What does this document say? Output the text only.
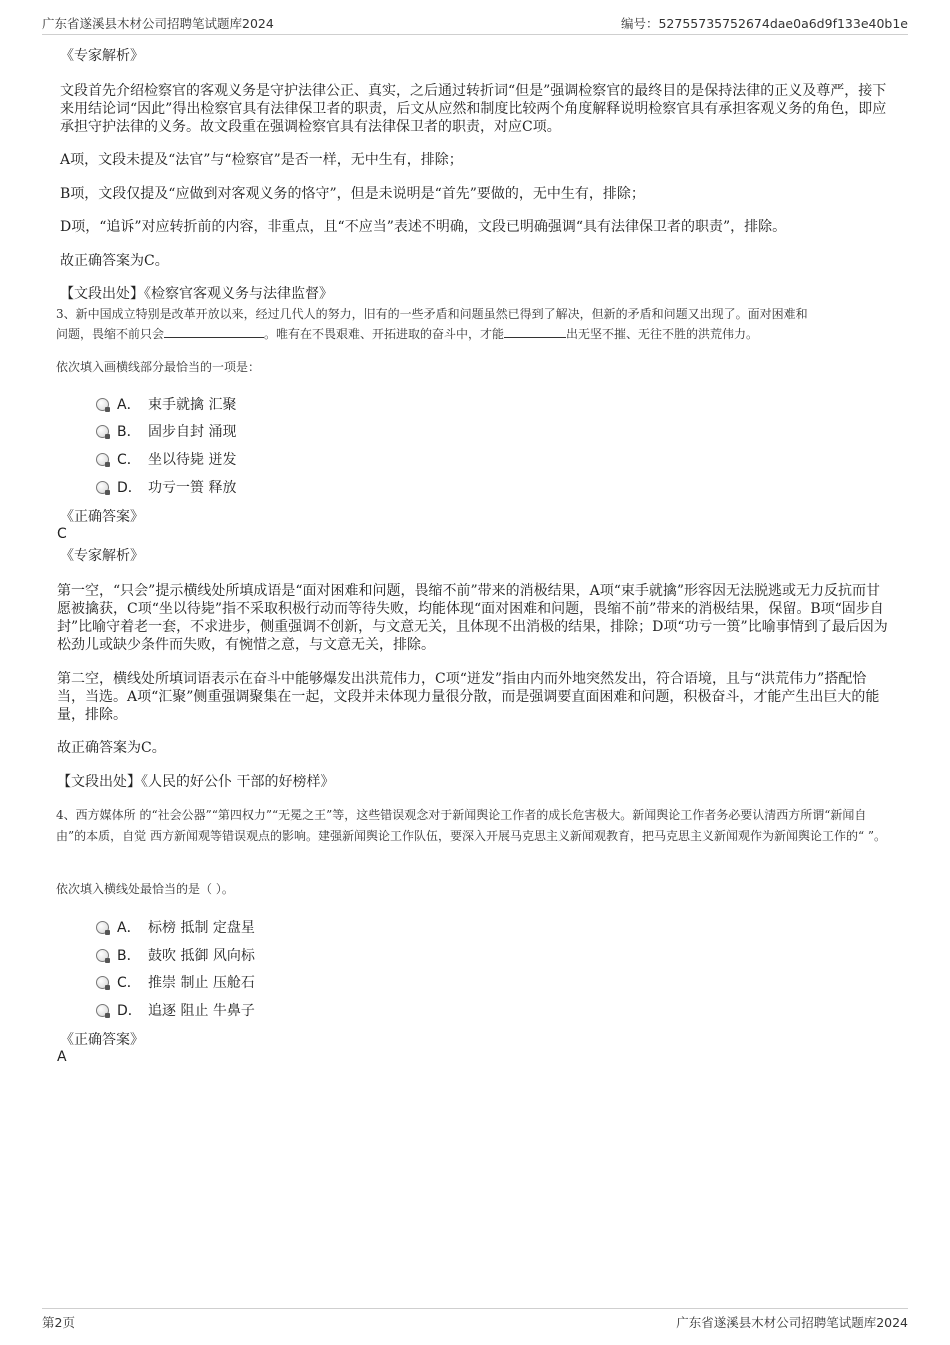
广东省遂溪县木材公司招聘笔试题库2024	编号：52755735752674dae0a6d9f133e40b1e
《专家解析》
文段首先介绍检察官的客观义务是守护法律公正、真实，之后通过转折词“但是”强调检察官的最终目的是保持法律的正义及尊严，接下来用结论词“因此”得出检察官具有法律保卫者的职责，后文从应然和制度比较两个角度解释说明检察官具有承担客观义务的角色，即应承担守护法律的义务。故文段重在强调检察官具有法律保卫者的职责，对应C项。
A项，文段未提及“法官”与“检察官”是否一样，无中生有，排除；
B项，文段仅提及“应做到对客观义务的恪守”，但是未说明是“首先”要做的，无中生有，排除；
D项，“追诉”对应转折前的内容，非重点，且“不应当”表述不明确，文段已明确强调“具有法律保卫者的职责”，排除。
故正确答案为C。
【文段出处】《检察官客观义务与法律监督》
3、新中国成立特别是改革开放以来，经过几代人的努力，旧有的一些矛盾和问题虽然已得到了解决，但新的矛盾和问题又出现了。面对困难和
问题，畏缩不前只会	。唯有在不畏艰难、开拓进取的奋斗中，才能	出无坚不摧、无往不胜的洪荒伟力。
依次填入画横线部分最恰当的一项是：
A． 束手就擒 汇聚
B． 固步自封 涌现
C． 坐以待毙 迸发
D． 功亏一篑 释放
《正确答案》
C
《专家解析》
第一空，“只会”提示横线处所填成语是“面对困难和问题，畏缩不前”带来的消极结果，A项“束手就擒”形容因无法脱逃或无力反抗而甘愿被擒获，C项“坐以待毙”指不采取积极行动而等待失败，均能体现“面对困难和问题，畏缩不前”带来的消极结果，保留。B项“固步自封”比喻守着老一套，不求进步，侧重强调不创新，与文意无关，且体现不出消极的结果，排除；D项“功亏一篑”比喻事情到了最后因为松劲儿或缺少条件而失败，有惋惜之意，与文意无关，排除。
第二空，横线处所填词语表示在奋斗中能够爆发出洪荒伟力，C项“迸发”指由内而外地突然发出，符合语境，且与“洪荒伟力”搭配恰当，当选。A项“汇聚”侧重强调聚集在一起，文段并未体现力量很分散，而是强调要直面困难和问题，积极奋斗，才能产生出巨大的能量，排除。
故正确答案为C。
【文段出处】《人民的好公仆 干部的好榜样》
4、西方媒体所 的“社会公器”“第四权力”“无冕之王”等，这些错误观念对于新闻舆论工作者的成长危害极大。新闻舆论工作者务必要认清西方所谓“新闻自由”的本质，自觉 西方新闻观等错误观点的影响。建强新闻舆论工作队伍，要深入开展马克思主义新闻观教育，把马克思主义新闻观作为新闻舆论工作的“ ”。
依次填入横线处最恰当的是（ ）。
A． 标榜 抵制 定盘星
B． 鼓吹 抵御 风向标
C． 推崇 制止 压舱石
D． 追逐 阻止 牛鼻子
《正确答案》
A
第2页	广东省遂溪县木材公司招聘笔试题库2024
